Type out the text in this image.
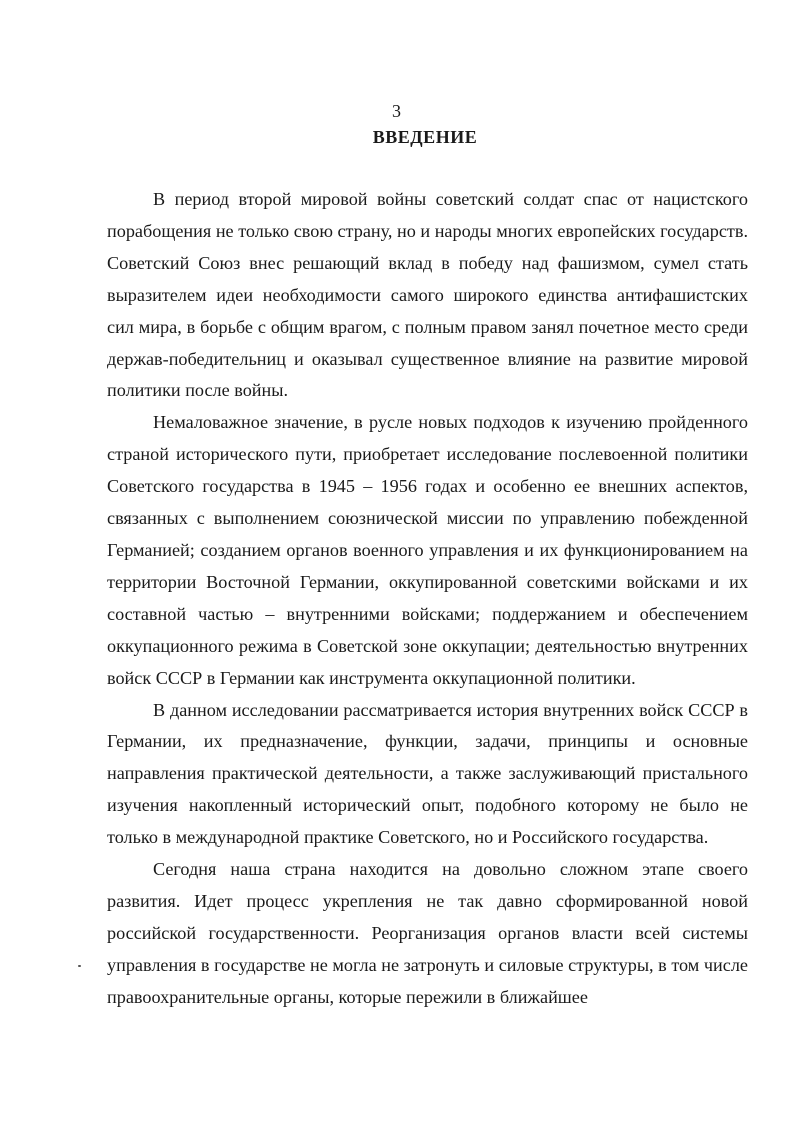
3
ВВЕДЕНИЕ

В период второй мировой войны советский солдат спас от нацистского порабощения не только свою страну, но и народы многих европейских государств. Советский Союз внес решающий вклад в победу над фашизмом, сумел стать выразителем идеи необходимости самого широкого единства антифашистских сил мира, в борьбе с общим врагом, с полным правом занял почетное место среди держав-победительниц и оказывал существенное влияние на развитие мировой политики после войны.

Немаловажное значение, в русле новых подходов к изучению пройденного страной исторического пути, приобретает исследование послевоенной политики Советского государства в 1945 – 1956 годах и особенно ее внешних аспектов, связанных с выполнением союзнической миссии по управлению побежденной Германией; созданием органов военного управления и их функционированием на территории Восточной Германии, оккупированной советскими войсками и их составной частью – внутренними войсками; поддержанием и обеспечением оккупационного режима в Советской зоне оккупации; деятельностью внутренних войск СССР в Германии как инструмента оккупационной политики.

В данном исследовании рассматривается история внутренних войск СССР в Германии, их предназначение, функции, задачи, принципы и основные направления практической деятельности, а также заслуживающий пристального изучения накопленный исторический опыт, подобного которому не было не только в международной практике Советского, но и Российского государства.

Сегодня наша страна находится на довольно сложном этапе своего развития. Идет процесс укрепления не так давно сформированной новой российской государственности. Реорганизация органов власти всей системы управления в государстве не могла не затронуть и силовые структуры, в том числе правоохранительные органы, которые пережили в ближайшее
